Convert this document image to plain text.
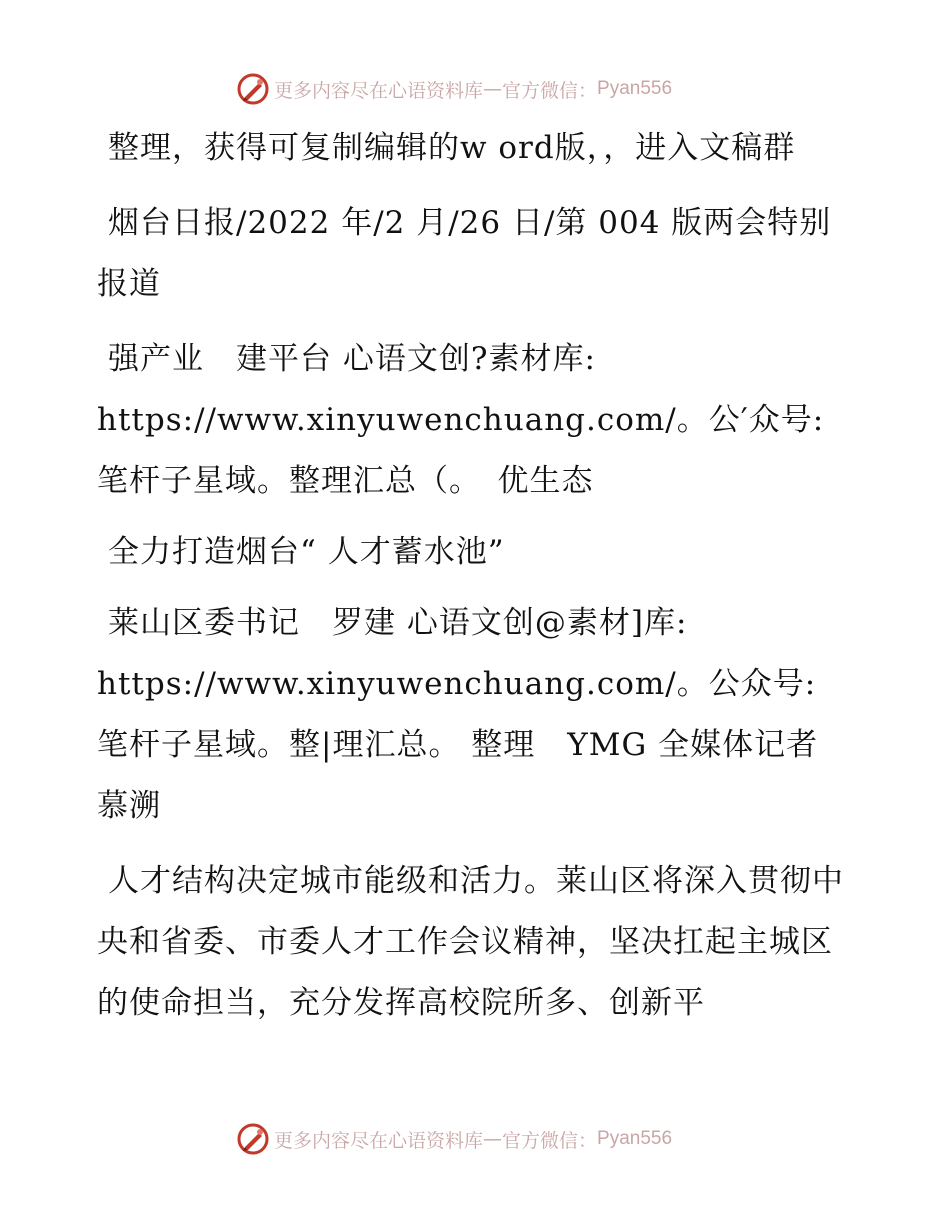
更多内容尽在心语资料库 — 官方微信： Pyan556

整理，获得可复制编辑的w ord版，，进入文稿群

烟台日报/2022 年/2 月/26 日/第 004 版两会特别报道

强产业　建平台 心语文创?素材库: https://www.xinyuwenchuang.com/。公′众号: 笔杆子星域。整理汇总（。　优生态

全力打造烟台“ 人才蓄水池”

莱山区委书记　罗建 心语文创@素材]库: https://www.xinyuwenchuang.com/。公众号: 笔杆子星域。整|理汇总。 整理　YMG 全媒体记者　慕溯

人才结构决定城市能级和活力。莱山区将深入贯彻中央和省委、市委人才工作会议精神，坚决扛起主城区的使命担当，充分发挥高校院所多、创新平

更多内容尽在心语资料库 — 官方微信： Pyan556
